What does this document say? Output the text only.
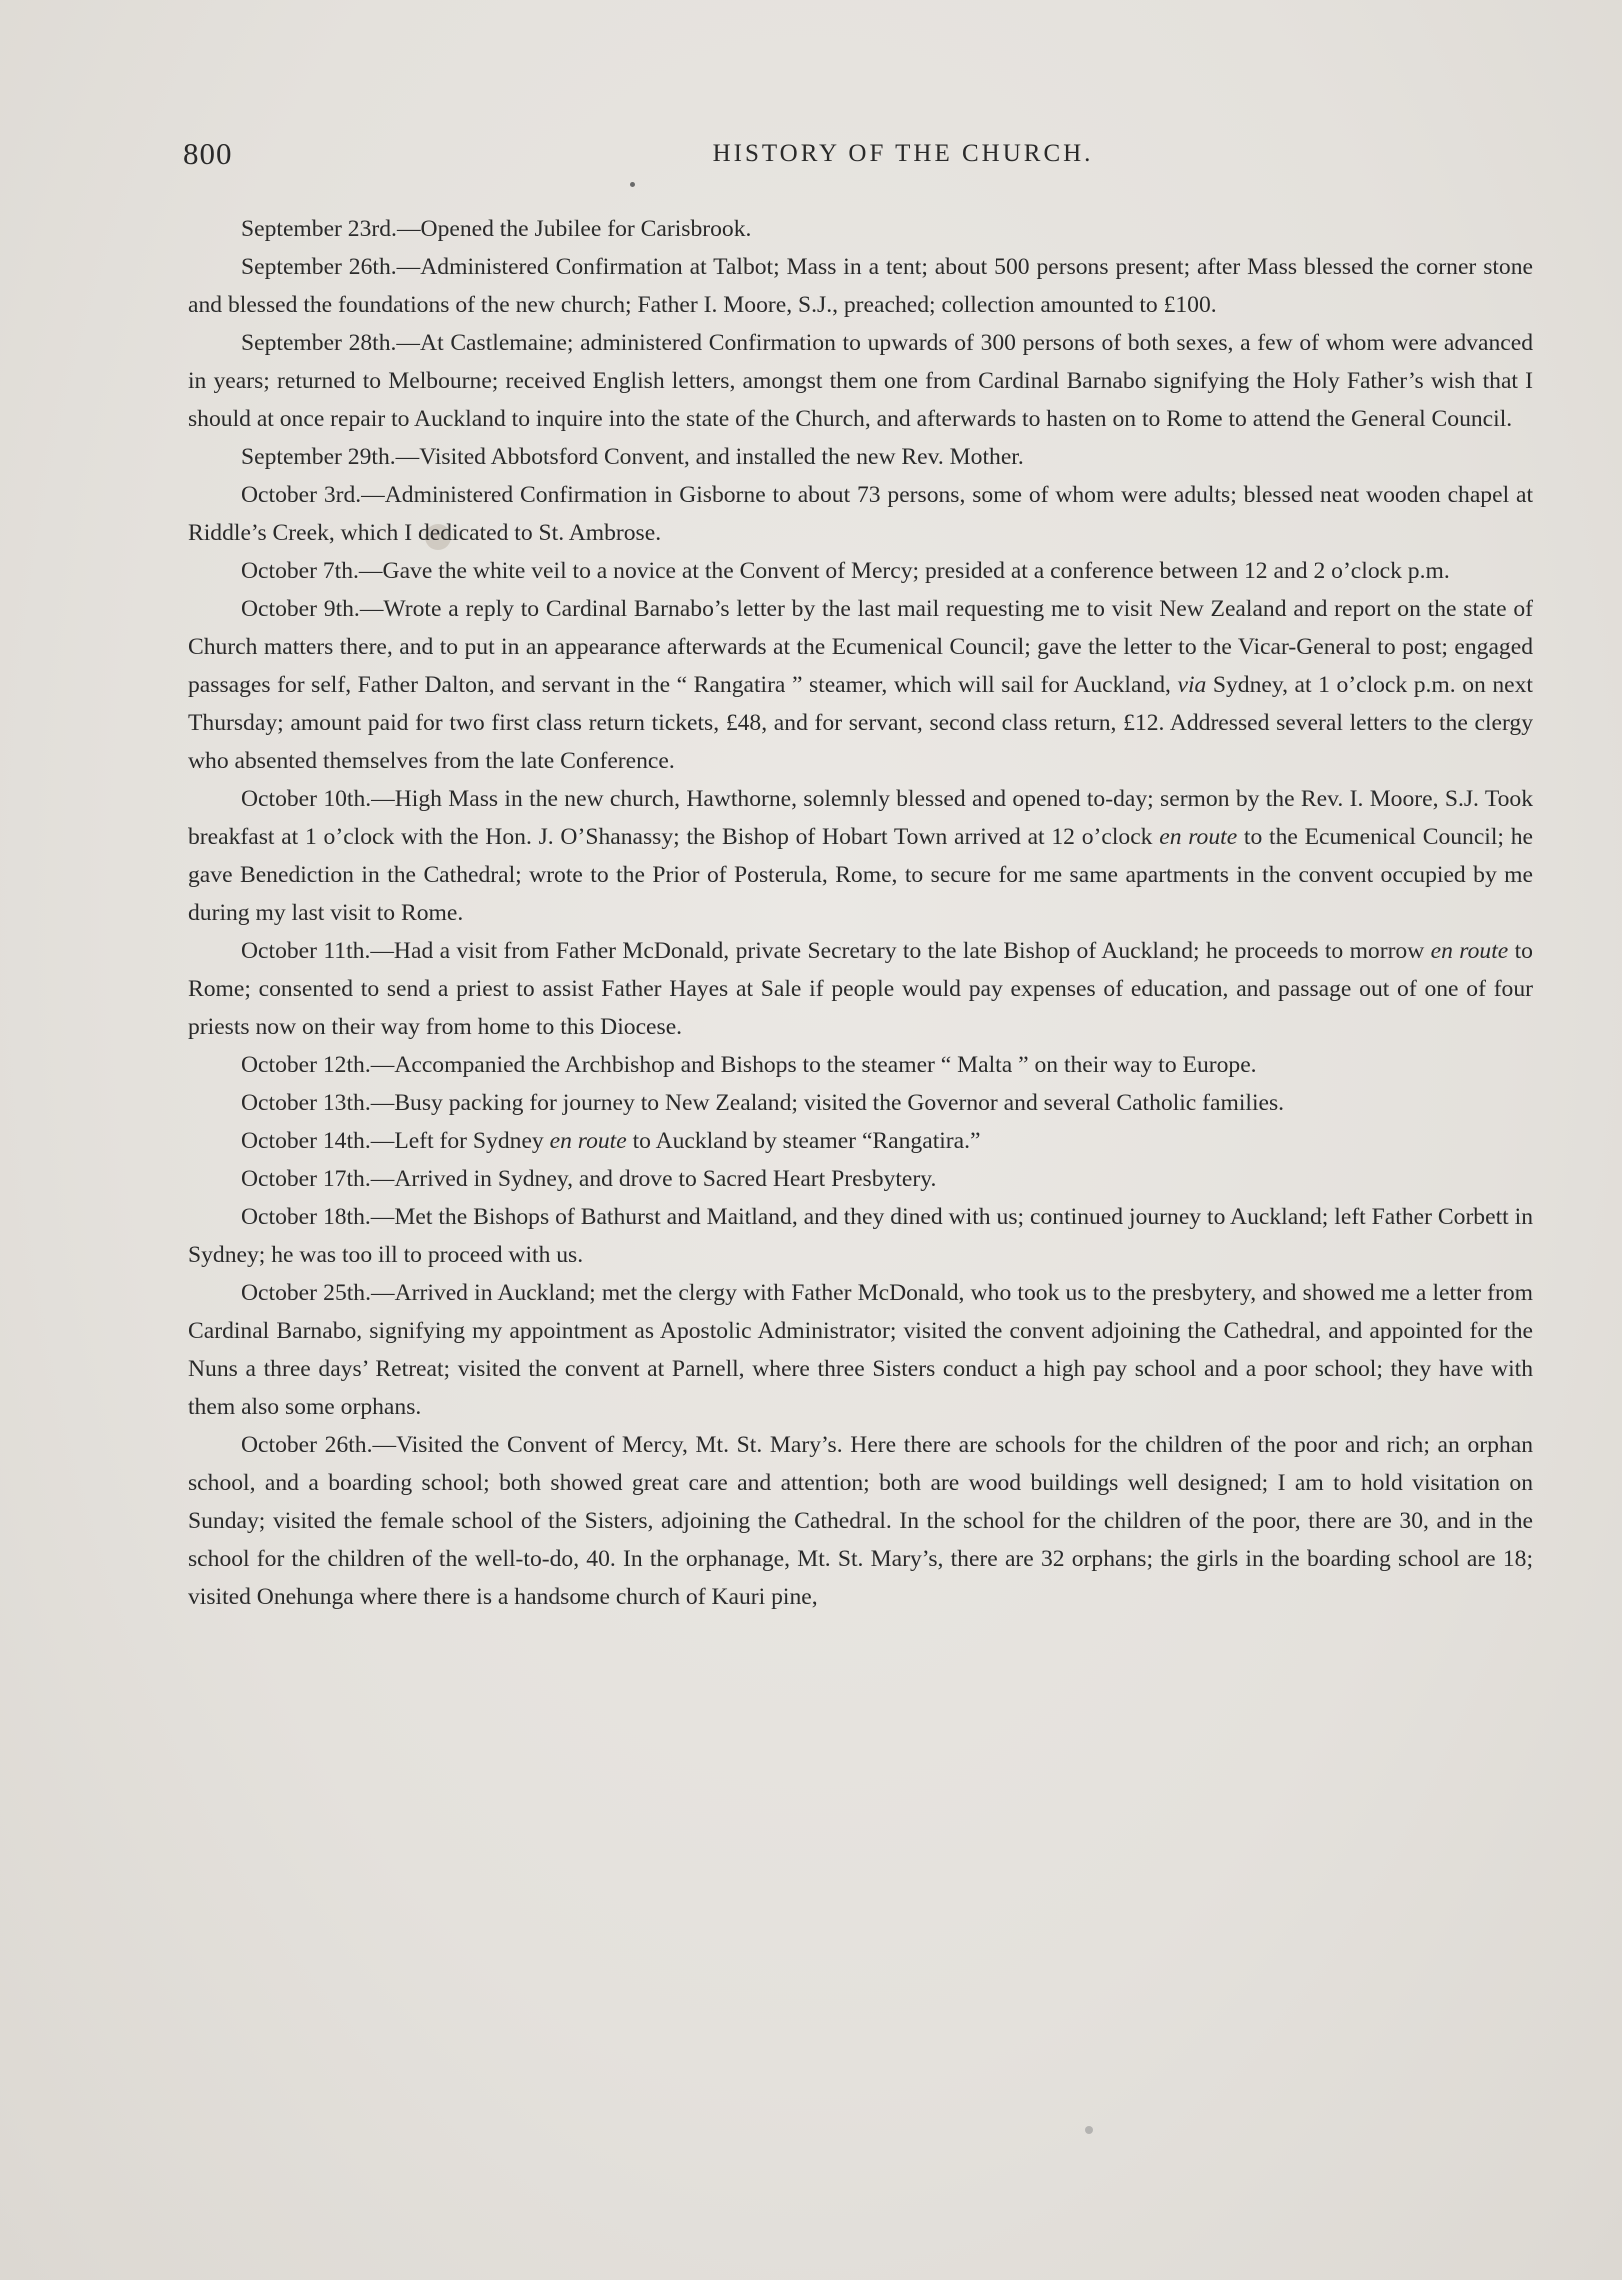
800	HISTORY OF THE CHURCH.

September 23rd.—Opened the Jubilee for Carisbrook.

September 26th.—Administered Confirmation at Talbot; Mass in a tent; about 500 persons present; after Mass blessed the corner stone and blessed the foundations of the new church; Father I. Moore, S.J., preached; collection amounted to £100.

September 28th.—At Castlemaine; administered Confirmation to upwards of 300 persons of both sexes, a few of whom were advanced in years; returned to Melbourne; received English letters, amongst them one from Cardinal Barnabo signifying the Holy Father’s wish that I should at once repair to Auckland to inquire into the state of the Church, and afterwards to hasten on to Rome to attend the General Council.

September 29th.—Visited Abbotsford Convent, and installed the new Rev. Mother.

October 3rd.—Administered Confirmation in Gisborne to about 73 persons, some of whom were adults; blessed neat wooden chapel at Riddle’s Creek, which I dedicated to St. Ambrose.

October 7th.—Gave the white veil to a novice at the Convent of Mercy; presided at a conference between 12 and 2 o’clock p.m.

October 9th.—Wrote a reply to Cardinal Barnabo’s letter by the last mail requesting me to visit New Zealand and report on the state of Church matters there, and to put in an appearance afterwards at the Ecumenical Council; gave the letter to the Vicar-General to post; engaged passages for self, Father Dalton, and servant in the “ Rangatira ” steamer, which will sail for Auckland, via Sydney, at 1 o’clock p.m. on next Thursday; amount paid for two first class return tickets, £48, and for servant, second class return, £12. Addressed several letters to the clergy who absented themselves from the late Conference.

October 10th.—High Mass in the new church, Hawthorne, solemnly blessed and opened to-day; sermon by the Rev. I. Moore, S.J. Took breakfast at 1 o’clock with the Hon. J. O’Shanassy; the Bishop of Hobart Town arrived at 12 o’clock en route to the Ecumenical Council; he gave Benediction in the Cathedral; wrote to the Prior of Posterula, Rome, to secure for me same apartments in the convent occupied by me during my last visit to Rome.

October 11th.—Had a visit from Father McDonald, private Secretary to the late Bishop of Auckland; he proceeds to morrow en route to Rome; consented to send a priest to assist Father Hayes at Sale if people would pay expenses of education, and passage out of one of four priests now on their way from home to this Diocese.

October 12th.—Accompanied the Archbishop and Bishops to the steamer “ Malta ” on their way to Europe.

October 13th.—Busy packing for journey to New Zealand; visited the Governor and several Catholic families.

October 14th.—Left for Sydney en route to Auckland by steamer “Rangatira.”

October 17th.—Arrived in Sydney, and drove to Sacred Heart Presbytery.

October 18th.—Met the Bishops of Bathurst and Maitland, and they dined with us; continued journey to Auckland; left Father Corbett in Sydney; he was too ill to proceed with us.

October 25th.—Arrived in Auckland; met the clergy with Father McDonald, who took us to the presbytery, and showed me a letter from Cardinal Barnabo, signifying my appointment as Apostolic Administrator; visited the convent adjoining the Cathedral, and appointed for the Nuns a three days’ Retreat; visited the convent at Parnell, where three Sisters conduct a high pay school and a poor school; they have with them also some orphans.

October 26th.—Visited the Convent of Mercy, Mt. St. Mary’s. Here there are schools for the children of the poor and rich; an orphan school, and a boarding school; both showed great care and attention; both are wood buildings well designed; I am to hold visitation on Sunday; visited the female school of the Sisters, adjoining the Cathedral. In the school for the children of the poor, there are 30, and in the school for the children of the well-to-do, 40. In the orphanage, Mt. St. Mary’s, there are 32 orphans; the girls in the boarding school are 18; visited Onehunga where there is a handsome church of Kauri pine,
